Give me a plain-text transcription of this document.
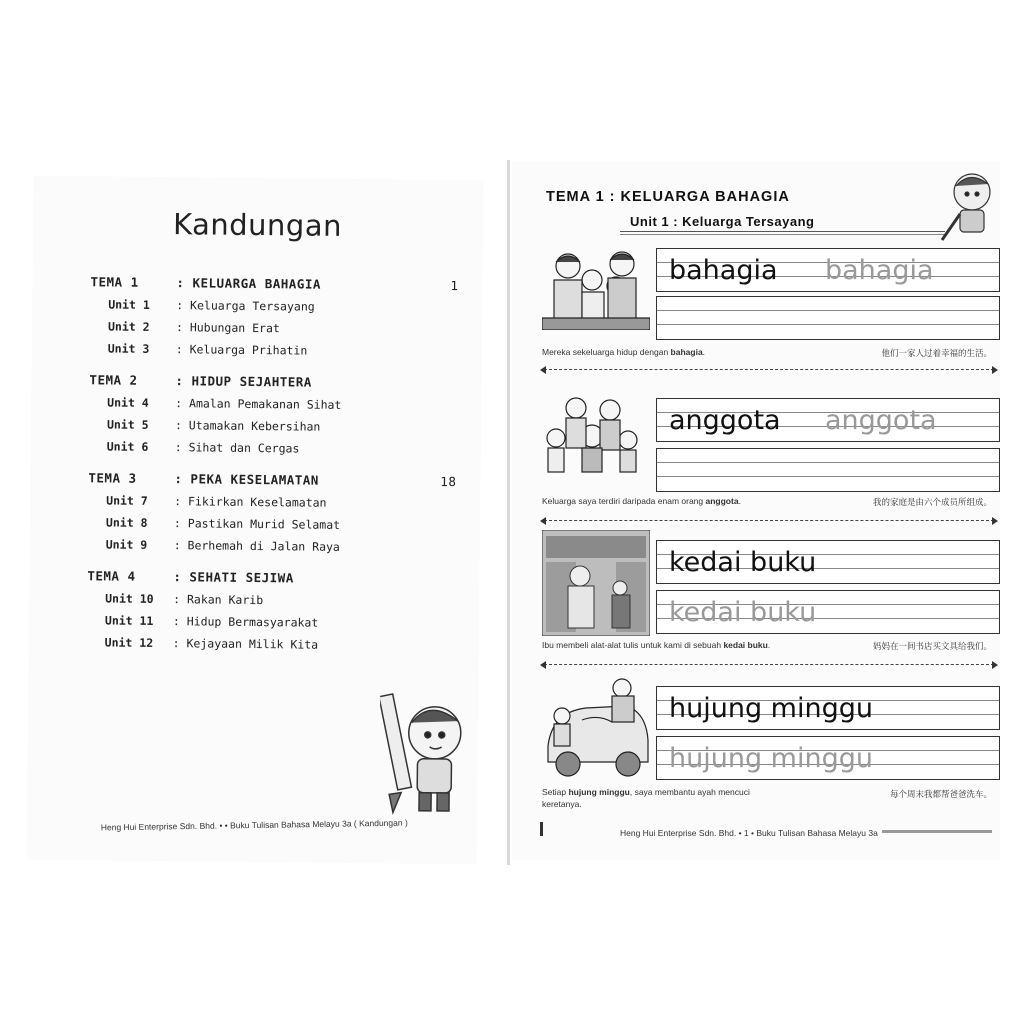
Kandungan
TEMA 1	: KELUARGA BAHAGIA	1
Unit 1 : Keluarga Tersayang
Unit 2 : Hubungan Erat
Unit 3 : Keluarga Prihatin
TEMA 2	: HIDUP SEJAHTERA
Unit 4 : Amalan Pemakanan Sihat
Unit 5 : Utamakan Kebersihan
Unit 6 : Sihat dan Cergas
TEMA 3	: PEKA KESELAMATAN	18
Unit 7 : Fikirkan Keselamatan
Unit 8 : Pastikan Murid Selamat
Unit 9 : Berhemah di Jalan Raya
TEMA 4	: SEHATI SEJIWA
Unit 10 : Rakan Karib
Unit 11 : Hidup Bermasyarakat
Unit 12 : Kejayaan Milik Kita
Heng Hui Enterprise Sdn. Bhd. • • Buku Tulisan Bahasa Melayu 3a ( Kandungan )
TEMA 1 : KELUARGA BAHAGIA
Unit 1 : Keluarga Tersayang
bahagia bahagia
Mereka sekeluarga hidup dengan bahagia.	他们一家人过着幸福的生活。
anggota anggota
Keluarga saya terdiri daripada enam orang anggota.	我的家庭是由六个成员所组成。
kedai buku
kedai buku
Ibu membeli alat-alat tulis untuk kami di sebuah kedai buku.	妈妈在一间书店买文具给我们。
hujung minggu
hujung minggu
Setiap hujung minggu, saya membantu ayah mencuci keretanya.
每个周末我都帮爸爸洗车。
Heng Hui Enterprise Sdn. Bhd. • 1 • Buku Tulisan Bahasa Melayu 3a
